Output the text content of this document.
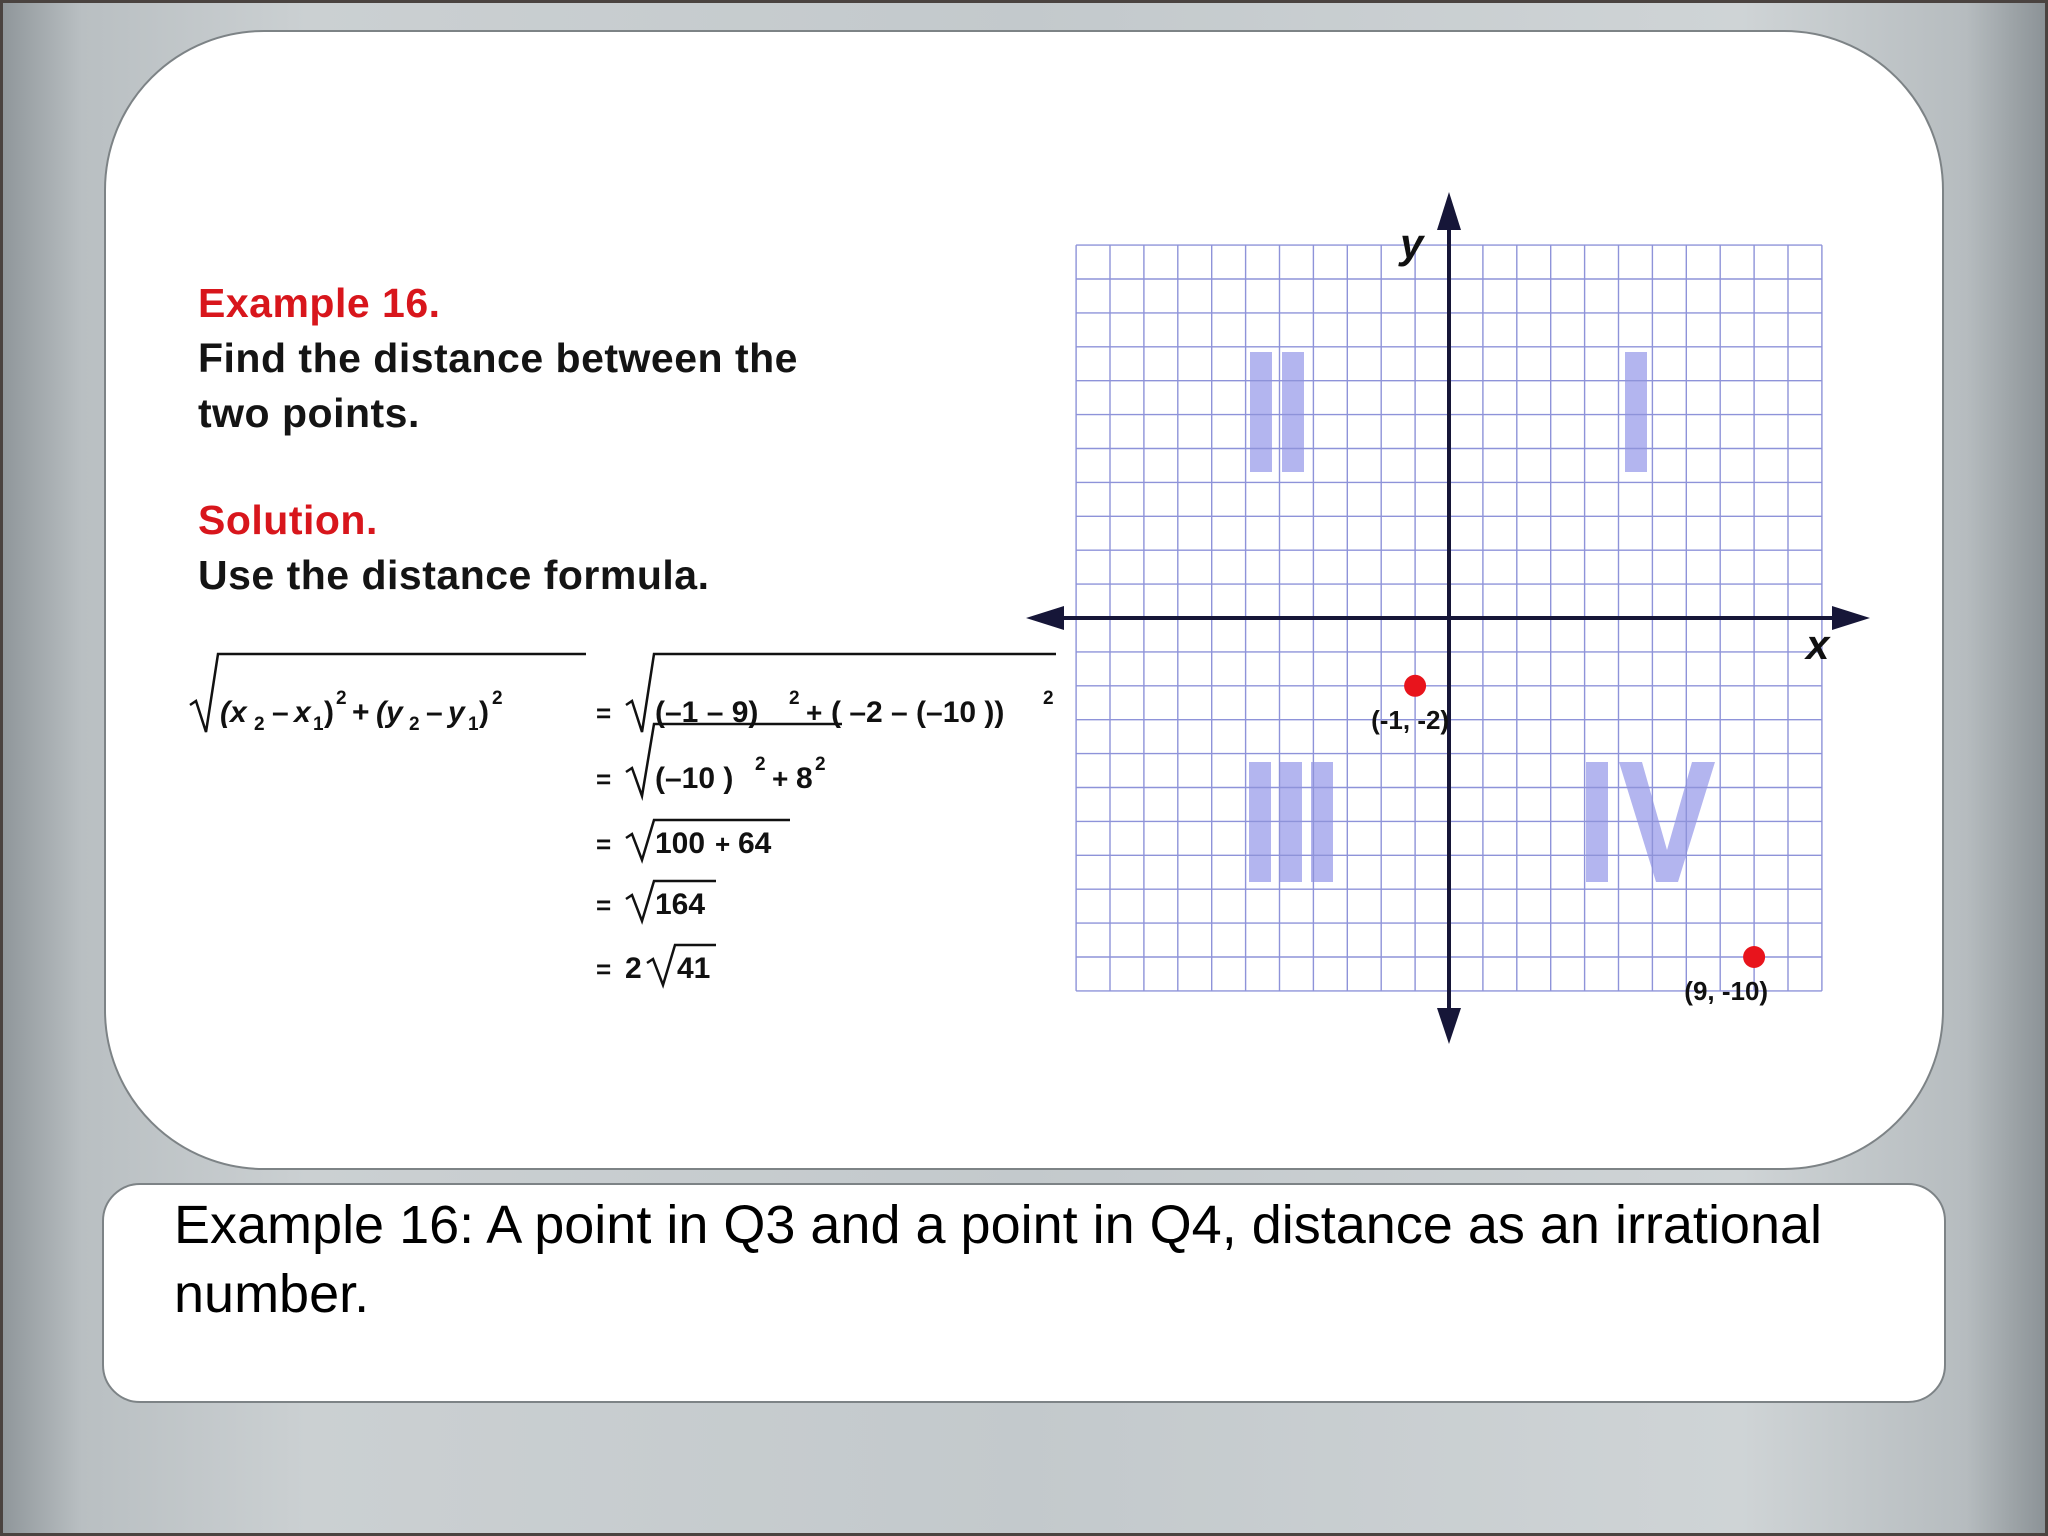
Example 16.
Find the distance between the
two points.
Solution.
Use the distance formula.
(x 2 – x 1 ) 2 + (y 2 – y 1 ) 2	= (–1 – 9) 2 + ( –2 – (–10 )) 2
= (–10 ) 2 + 8 2
= 100 + 64
= 164
= 2 41
x
y
(-1, -2)
(9, -10)
Example 16: A point in Q3 and a point in Q4, distance as an irrational number.
